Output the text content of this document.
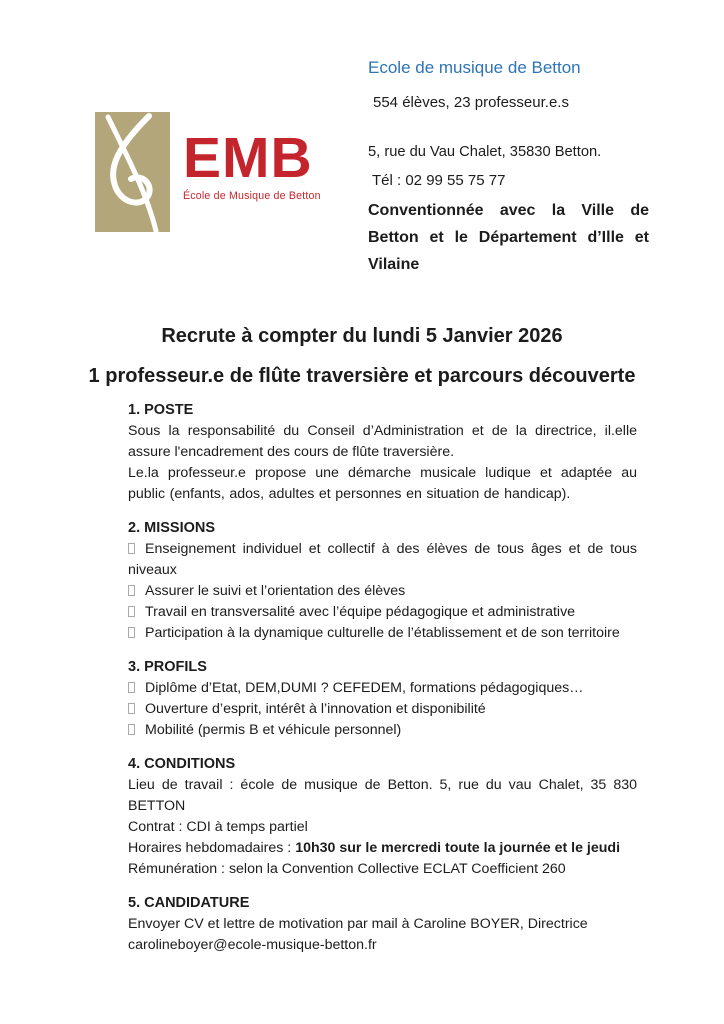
EMB
École de Musique de Betton
Ecole de musique de Betton
554 élèves, 23 professeur.e.s
5, rue du Vau Chalet, 35830 Betton.
Tél : 02 99 55 75 77
Conventionnée avec la Ville de Betton et le Département d’Ille et Vilaine
Recrute à compter du lundi 5 Janvier 2026
1 professeur.e de flûte traversière et parcours découverte
1. POSTE
Sous la responsabilité du Conseil d’Administration et de la directrice, il.elle assure l'encadrement des cours de flûte traversière.
Le.la professeur.e propose une démarche musicale ludique et adaptée au public (enfants, ados, adultes et personnes en situation de handicap).
2. MISSIONS
Enseignement individuel et collectif à des élèves de tous âges et de tous niveaux
Assurer le suivi et l’orientation des élèves
Travail en transversalité avec l’équipe pédagogique et administrative
Participation à la dynamique culturelle de l’établissement et de son territoire
3. PROFILS
Diplôme d’Etat, DEM,DUMI ? CEFEDEM, formations pédagogiques…
Ouverture d’esprit, intérêt à l’innovation et disponibilité
Mobilité (permis B et véhicule personnel)
4. CONDITIONS
Lieu de travail : école de musique de Betton. 5, rue du vau Chalet, 35 830 BETTON
Contrat : CDI à temps partiel
Horaires hebdomadaires : 10h30 sur le mercredi toute la journée et le jeudi
Rémunération : selon la Convention Collective ECLAT Coefficient 260
5. CANDIDATURE
Envoyer CV et lettre de motivation par mail à Caroline BOYER, Directrice
carolineboyer@ecole-musique-betton.fr
